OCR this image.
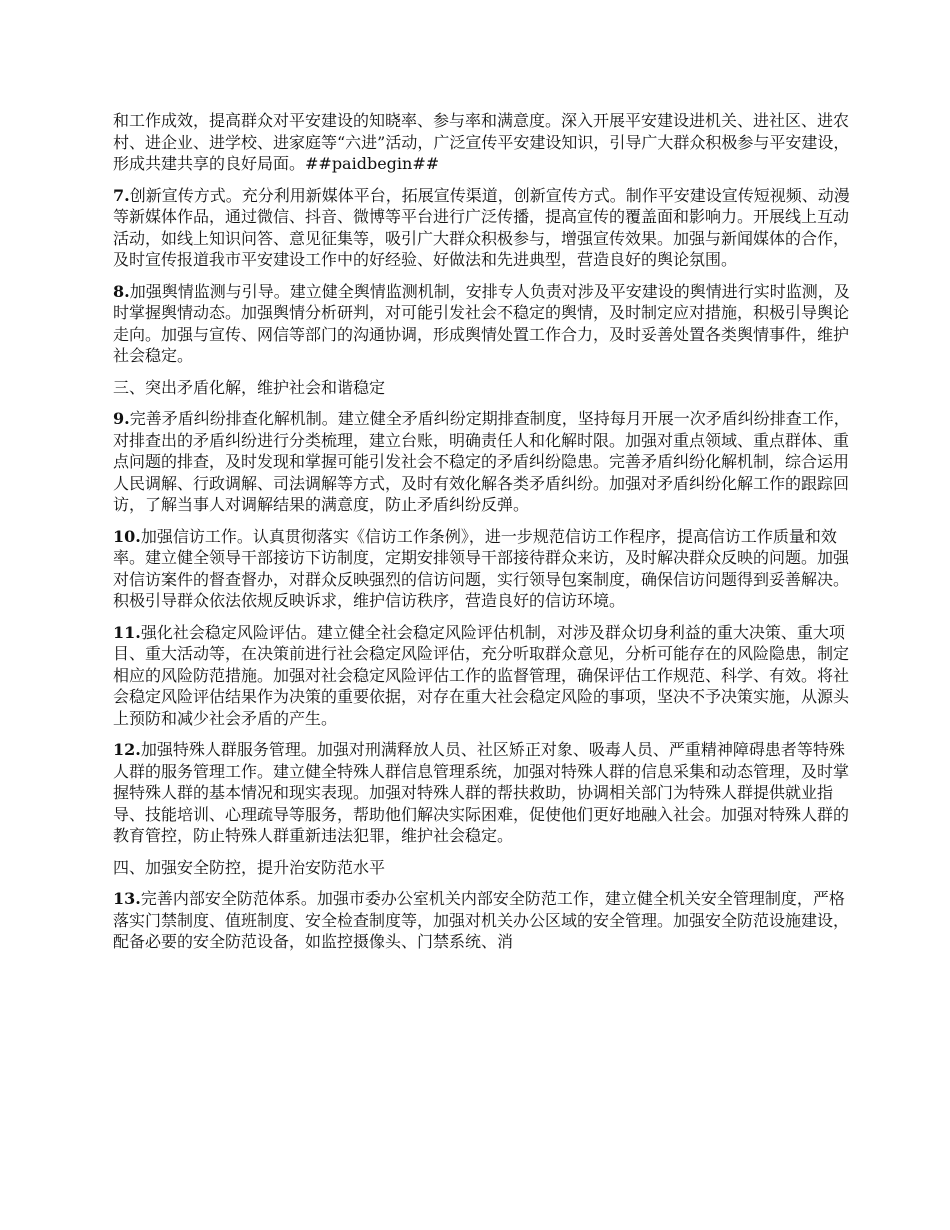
和工作成效，提高群众对平安建设的知晓率、参与率和满意度。深入开展平安建设进机关、进社区、进农村、进企业、进学校、进家庭等“六进”活动，广泛宣传平安建设知识，引导广大群众积极参与平安建设，形成共建共享的良好局面。##paidbegin##

7.创新宣传方式。充分利用新媒体平台，拓展宣传渠道，创新宣传方式。制作平安建设宣传短视频、动漫等新媒体作品，通过微信、抖音、微博等平台进行广泛传播，提高宣传的覆盖面和影响力。开展线上互动活动，如线上知识问答、意见征集等，吸引广大群众积极参与，增强宣传效果。加强与新闻媒体的合作，及时宣传报道我市平安建设工作中的好经验、好做法和先进典型，营造良好的舆论氛围。

8.加强舆情监测与引导。建立健全舆情监测机制，安排专人负责对涉及平安建设的舆情进行实时监测，及时掌握舆情动态。加强舆情分析研判，对可能引发社会不稳定的舆情，及时制定应对措施，积极引导舆论走向。加强与宣传、网信等部门的沟通协调，形成舆情处置工作合力，及时妥善处置各类舆情事件，维护社会稳定。

三、突出矛盾化解，维护社会和谐稳定

9.完善矛盾纠纷排查化解机制。建立健全矛盾纠纷定期排查制度，坚持每月开展一次矛盾纠纷排查工作，对排查出的矛盾纠纷进行分类梳理，建立台账，明确责任人和化解时限。加强对重点领域、重点群体、重点问题的排查，及时发现和掌握可能引发社会不稳定的矛盾纠纷隐患。完善矛盾纠纷化解机制，综合运用人民调解、行政调解、司法调解等方式，及时有效化解各类矛盾纠纷。加强对矛盾纠纷化解工作的跟踪回访，了解当事人对调解结果的满意度，防止矛盾纠纷反弹。

10.加强信访工作。认真贯彻落实《信访工作条例》，进一步规范信访工作程序，提高信访工作质量和效率。建立健全领导干部接访下访制度，定期安排领导干部接待群众来访，及时解决群众反映的问题。加强对信访案件的督查督办，对群众反映强烈的信访问题，实行领导包案制度，确保信访问题得到妥善解决。积极引导群众依法依规反映诉求，维护信访秩序，营造良好的信访环境。

11.强化社会稳定风险评估。建立健全社会稳定风险评估机制，对涉及群众切身利益的重大决策、重大项目、重大活动等，在决策前进行社会稳定风险评估，充分听取群众意见，分析可能存在的风险隐患，制定相应的风险防范措施。加强对社会稳定风险评估工作的监督管理，确保评估工作规范、科学、有效。将社会稳定风险评估结果作为决策的重要依据，对存在重大社会稳定风险的事项，坚决不予决策实施，从源头上预防和减少社会矛盾的产生。

12.加强特殊人群服务管理。加强对刑满释放人员、社区矫正对象、吸毒人员、严重精神障碍患者等特殊人群的服务管理工作。建立健全特殊人群信息管理系统，加强对特殊人群的信息采集和动态管理，及时掌握特殊人群的基本情况和现实表现。加强对特殊人群的帮扶救助，协调相关部门为特殊人群提供就业指导、技能培训、心理疏导等服务，帮助他们解决实际困难，促使他们更好地融入社会。加强对特殊人群的教育管控，防止特殊人群重新违法犯罪，维护社会稳定。

四、加强安全防控，提升治安防范水平

13.完善内部安全防范体系。加强市委办公室机关内部安全防范工作，建立健全机关安全管理制度，严格落实门禁制度、值班制度、安全检查制度等，加强对机关办公区域的安全管理。加强安全防范设施建设，配备必要的安全防范设备，如监控摄像头、门禁系统、消
